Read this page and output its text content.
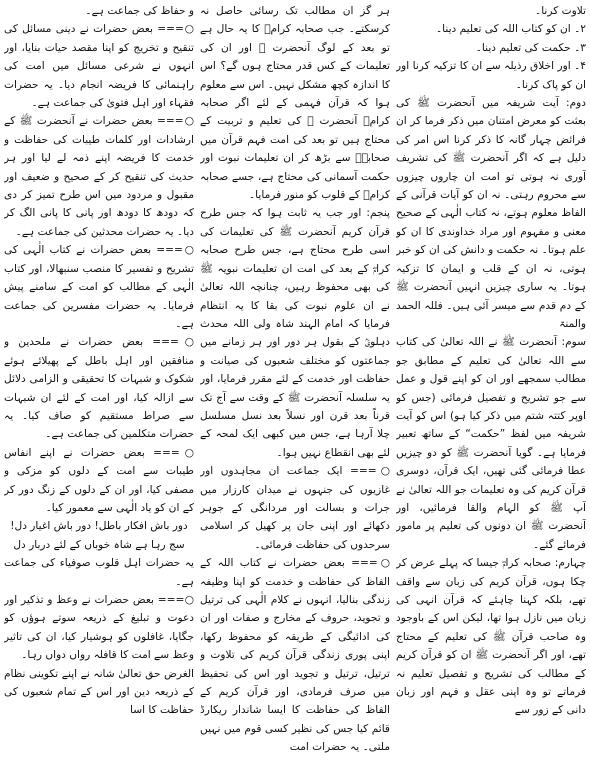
تلاوت کرنا۔

۲۔ ان کو کتاب اللہ کی تعلیم دینا۔

۳۔ حکمت کی تعلیم دینا۔

۴۔ اور اخلاق رذیلہ سے ان کا تزکیہ کرنا اور ان کو پاک کرنا۔

دوم: آیت شریفہ میں آنحضرت ﷺ کی بعثت کو معرض امتنان میں ذکر فرما کر ان فرائض چہار گانہ کا ذکر کرنا اس امر کی دلیل ہے کہ اگر آنحضرت ﷺ کی تشریف آوری نہ ہوتی تو امت ان چاروں چیزوں سے محروم رہتی۔ نہ ان کو آیات قرآنی کے الفاظ معلوم ہوتے، نہ کتاب الٰہی کے صحیح معنی و مفہوم اور مراد خداوندی کا ان کو علم ہوتا۔ نہ حکمت و دانش کی ان کو خبر ہوتی، نہ ان کے قلب و ایمان کا تزکیہ ہوتا۔ یہ ساری چیزیں انہیں آنحضرت ﷺ کے دم قدم سے میسر آئی ہیں۔ فللہ الحمد والمنۃ

سوم: آنحضرت ﷺ نے اللہ تعالیٰ کی کتاب سے اللہ تعالیٰ کی تعلیم کے مطابق جو مطالب سمجھے اور ان کو اپنے قول و عمل سے جو تشریح و تفصیل فرمائی (جس کو اوپر کتتہ شتم میں ذکر کیا ہو) اس کو آیت شریفہ میں لفظ ”حکمت“ کے ساتھ تعبیر فرمایا ہے۔ گویا آنحضرت ﷺ کو دو چیزیں عطا فرمائی گئی تھیں، ایک قرآن، دوسری قرآن کریم کی وہ تعلیمات جو اللہ تعالیٰ نے آپ ﷺ کو الہام والقا فرمائیں، اور آنحضرت ﷺ ان دونوں کی تعلیم پر مامور فرمائے گئے۔

چہارم: صحابہ کرامؓ جیسا کہ پہلے عرض کر چکا ہوں، قرآن کریم کی زبان سے واقف تھے، بلکہ کہنا چاہئے کہ قرآن انہی کی زبان میں نازل ہوا تھا، لیکن اس کے باوجود وہ صاحب قرآن ﷺ کی تعلیم کے محتاج تھے، اور اگر آنحضرت ﷺ ان کو قرآن کریم کے مطالب کی تشریح و تفصیل تعلیم نہ فرماتے تو وہ اپنی عقل و فہم اور زبان دانی کے زور سے

ہر گز ان مطالب تک رسائی حاصل نہ کرسکتے۔ جب صحابہ کرامؓ کا یہ حال ہے تو بعد کے لوگ آنحضرت ﷺ اور ان کی تعلیمات کے کس قدر محتاج ہوں گے؟ اس کا اندازہ کچھ مشکل نہیں۔ اس سے معلوم ہوا کہ قرآن فہمی کے لئے اگر صحابہ کرامؓ آنحضرت ﷺ کی تعلیم و تربیت کے محتاج ہیں تو بعد کی امت فہم قرآن میں صحابہؓ سے بڑھ کر ان تعلیمات نبوت اور حکمت آسمانی کی محتاج ہے، جسے صحابہ کرامؓ کے قلوب کو منور فرمایا۔

پنجم: اور جب یہ ثابت ہوا کہ جس طرح قرآن کریم آنحضرت ﷺ کی تعلیمات کی اسی طرح محتاج ہے، جس طرح صحابہ کرامؓ کے بعد کی امت ان تعلیمات نبویہ ﷺ کی بھی محفوظ رہیں، چنانچہ اللہ تعالیٰ نے ان علوم نبوت کی بقا کا یہ انتظام فرمایا کہ امام الہند شاہ ولی اللہ محدث دہلویؒ کے بقول ہر دور اور ہر زمانے میں جماعتوں کو مختلف شعبوں کی صیانت و حفاظت اور خدمت کے لئے مقرر فرمایا، اور یہ سلسلہ آنحضرت ﷺ کے وقت سے آج تک قرناً بعد قرن اور نسلاً بعد نسل مسلسل چلا آرہا ہے، جس میں کبھی ایک لمحہ کے لئے بھی انقطاع نہیں ہوا۔

○=== ایک جماعت ان مجاہدوں اور غازیوں کی جنہوں نے میدان کارزار میں جرات و بسالت اور مردانگی کے جوہر دکھائے اور اپنی جان پر کھیل کر اسلامی سرحدوں کی حفاظت فرمائی۔

○=== بعض حضرات نے کتاب اللہ کے الفاظ کی حفاظت و خدمت کو اپنا وظیفہ زندگی بنالیا، انہوں نے کلام الٰہی کی ترتیل و تجوید، حروف کے مخارج و صفات اور ان کی ادائیگی کے طریقہ کو محفوظ رکھا، اپنی پوری زندگی قرآن کریم کی تلاوت و ترتیل، ترتیل و تجوید اور اس کی تحفیظ میں صرف فرمادی، اور قرآن کریم کے الفاظ کی حفاظت کا ایسا شاندار ریکارڈ قائم کیا جس کی نظیر کسی قوم میں نہیں ملتی۔ یہ حضرات امت

و حفاظ کی جماعت ہے۔

○=== بعض حضرات نے دینی مسائل کی تنقیح و تخریج کو اپنا مقصد حیات بنایا، اور انہوں نے شرعی مسائل میں امت کی راہنمائی کا فریضہ انجام دیا۔ یہ حضرات فقہاء اور اہل فتویٰ کی جماعت ہے۔

○=== بعض حضرات نے آنحضرت ﷺ کے ارشادات اور کلمات طیبات کی حفاظت و خدمت کا فریضہ اپنے ذمہ لے لیا اور ہر حدیث کی تنقیح کر کے صحیح و ضعیف اور مقبول و مردود میں اس طرح تمیز کر دی کہ دودھ کا دودھ اور پانی کا پانی الگ کر دیا۔ یہ حضرات محدثین کی جماعت ہے۔

○=== بعض حضرات نے کتاب الٰہی کی تشریح و تفسیر کا منصب سنبھالا، اور کتاب الٰہی کے مطالب کو امت کے سامنے پیش فرمایا۔ یہ حضرات مفسرین کی جماعت ہے۔

○=== بعض حضرات نے ملحدین و منافقین اور اہل باطل کے پھیلائے ہوئے شکوک و شبہات کا تحقیقی و الزامی دلائل سے ازالہ کیا، اور امت کے لئے ان شبہات سے صراط مستقیم کو صاف کیا۔ یہ حضرات متکلمین کی جماعت ہے۔

○=== بعض حضرات نے اپنے انفاس طیبات سے امت کے دلوں کو مزکی و مصفی کیا، اور ان کے دلوں کے زنگ دور کر کے ان کو یاد الٰہی سے معمور کیا۔

دور باش افکار باطل! دور باش اغیار دل! سج رہا ہے شاہ خوباں کے لئے دربار دل

یہ حضرات اہل قلوب صوفیاء کی جماعت ہے۔

○=== بعض حضرات نے وعظ و تذکیر اور دعوت و تبلیغ کے ذریعہ سوتے ہوؤں کو جگایا، غافلوں کو ہوشیار کیا، ان کی تاثیر وعظ سے امت کا قافلہ رواں دواں رہا۔

الغرض حق تعالیٰ شانہ نے اپنے تکوینی نظام کے ذریعہ دین اور اس کے تمام شعبوں کی حفاظت کا اسا
